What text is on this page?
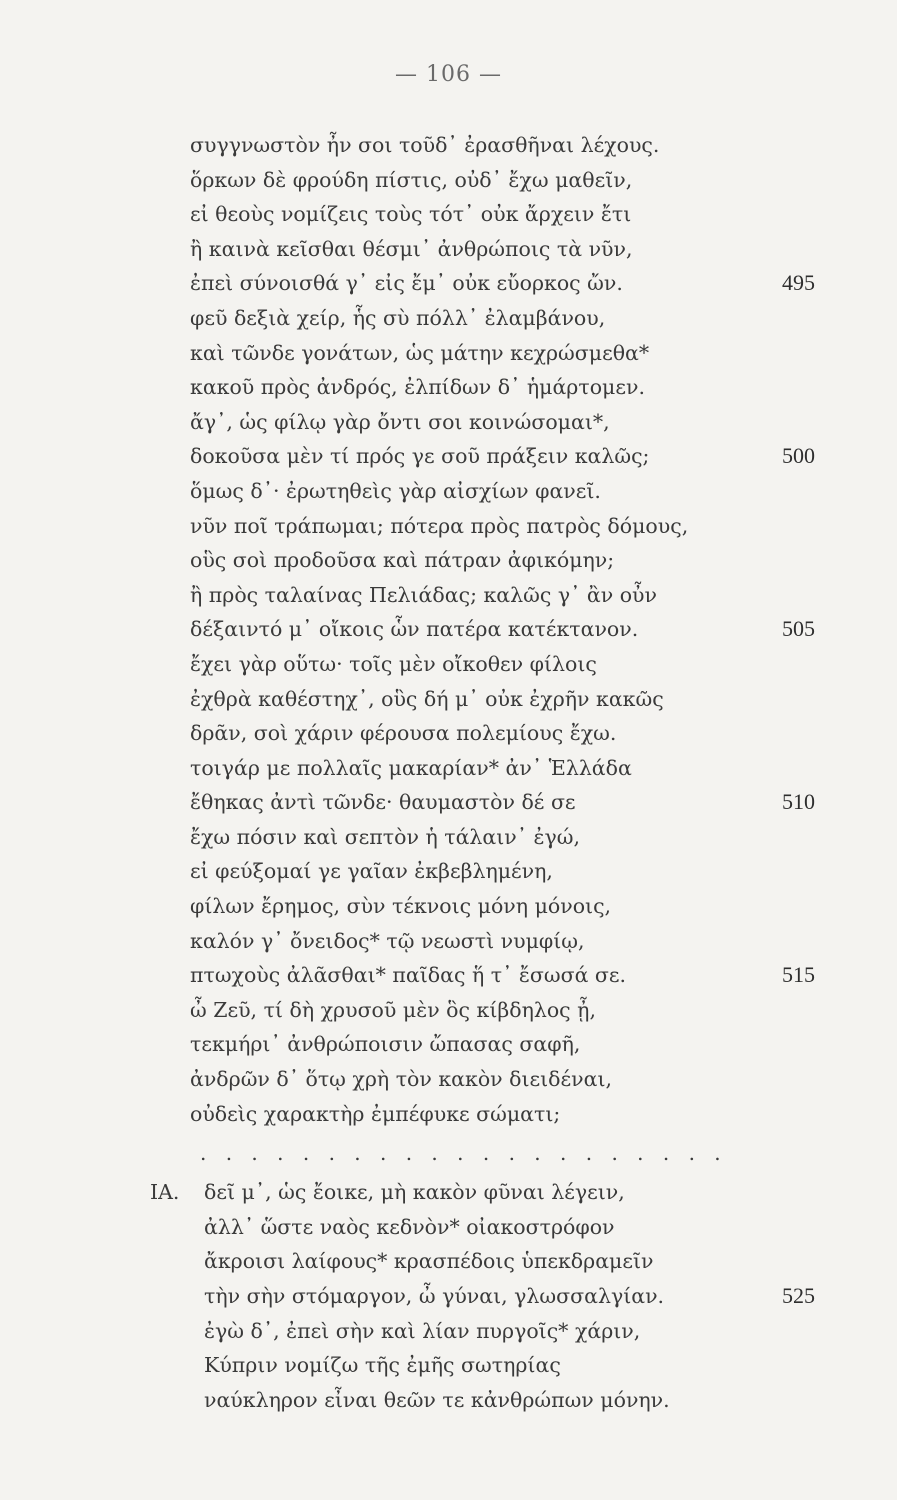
— 106 —
συγγνωστὸν ἦν σοι τοῦδ᾽ ἐρασθῆναι λέχους.
ὅρκων δὲ φρούδη πίστις, οὐδ᾽ ἔχω μαθεῖν,
εἰ θεοὺς νομίζεις τοὺς τότ᾽ οὐκ ἄρχειν ἔτι
ἢ καινὰ κεῖσθαι θέσμι᾽ ἀνθρώποις τὰ νῦν,
ἐπεὶ σύνοισθά γ᾽ εἰς ἔμ᾽ οὐκ εὔορκος ὤν.	495
φεῦ δεξιὰ χείρ, ἧς σὺ πόλλ᾽ ἐλαμβάνου,
καὶ τῶνδε γονάτων, ὡς μάτην κεχρώσμεθα*
κακοῦ πρὸς ἀνδρός, ἐλπίδων δ᾽ ἡμάρτομεν.
ἄγ᾽, ὡς φίλῳ γὰρ ὄντι σοι κοινώσομαι*,
δοκοῦσα μὲν τί πρός γε σοῦ πράξειν καλῶς;	500
ὅμως δ᾽· ἐρωτηθεὶς γὰρ αἰσχίων φανεῖ.
νῦν ποῖ τράπωμαι; πότερα πρὸς πατρὸς δόμους,
οὓς σοὶ προδοῦσα καὶ πάτραν ἀφικόμην;
ἢ πρὸς ταλαίνας Πελιάδας; καλῶς γ᾽ ἂν οὖν
δέξαιντό μ᾽ οἴκοις ὧν πατέρα κατέκτανον.	505
ἔχει γὰρ οὕτω· τοῖς μὲν οἴκοθεν φίλοις
ἐχθρὰ καθέστηχ᾽, οὓς δή μ᾽ οὐκ ἐχρῆν κακῶς
δρᾶν, σοὶ χάριν φέρουσα πολεμίους ἔχω.
τοιγάρ με πολλαῖς μακαρίαν* ἀν᾽ Ἑλλάδα
ἔθηκας ἀντὶ τῶνδε· θαυμαστὸν δέ σε	510
ἔχω πόσιν καὶ σεπτὸν ἡ τάλαιν᾽ ἐγώ,
εἰ φεύξομαί γε γαῖαν ἐκβεβλημένη,
φίλων ἔρημος, σὺν τέκνοις μόνη μόνοις,
καλόν γ᾽ ὄνειδος* τῷ νεωστὶ νυμφίῳ,
πτωχοὺς ἀλᾶσθαι* παῖδας ἥ τ᾽ ἔσωσά σε.	515
ὦ Ζεῦ, τί δὴ χρυσοῦ μὲν ὃς κίβδηλος ᾖ,
τεκμήρι᾽ ἀνθρώποισιν ὤπασας σαφῆ,
ἀνδρῶν δ᾽ ὅτῳ χρὴ τὸν κακὸν διειδέναι,
οὐδεὶς χαρακτὴρ ἐμπέφυκε σώματι;
. . . . . . . . . . . . . . . . . . . . .
ΙΑ. δεῖ μ᾽, ὡς ἔοικε, μὴ κακὸν φῦναι λέγειν,
ἀλλ᾽ ὥστε ναὸς κεδνὸν* οἰακοστρόφον
ἄκροισι λαίφους* κρασπέδοις ὑπεκδραμεῖν
τὴν σὴν στόμαργον, ὦ γύναι, γλωσσαλγίαν.	525
ἐγὼ δ᾽, ἐπεὶ σὴν καὶ λίαν πυργοῖς* χάριν,
Κύπριν νομίζω τῆς ἐμῆς σωτηρίας
ναύκληρον εἶναι θεῶν τε κἀνθρώπων μόνην.
